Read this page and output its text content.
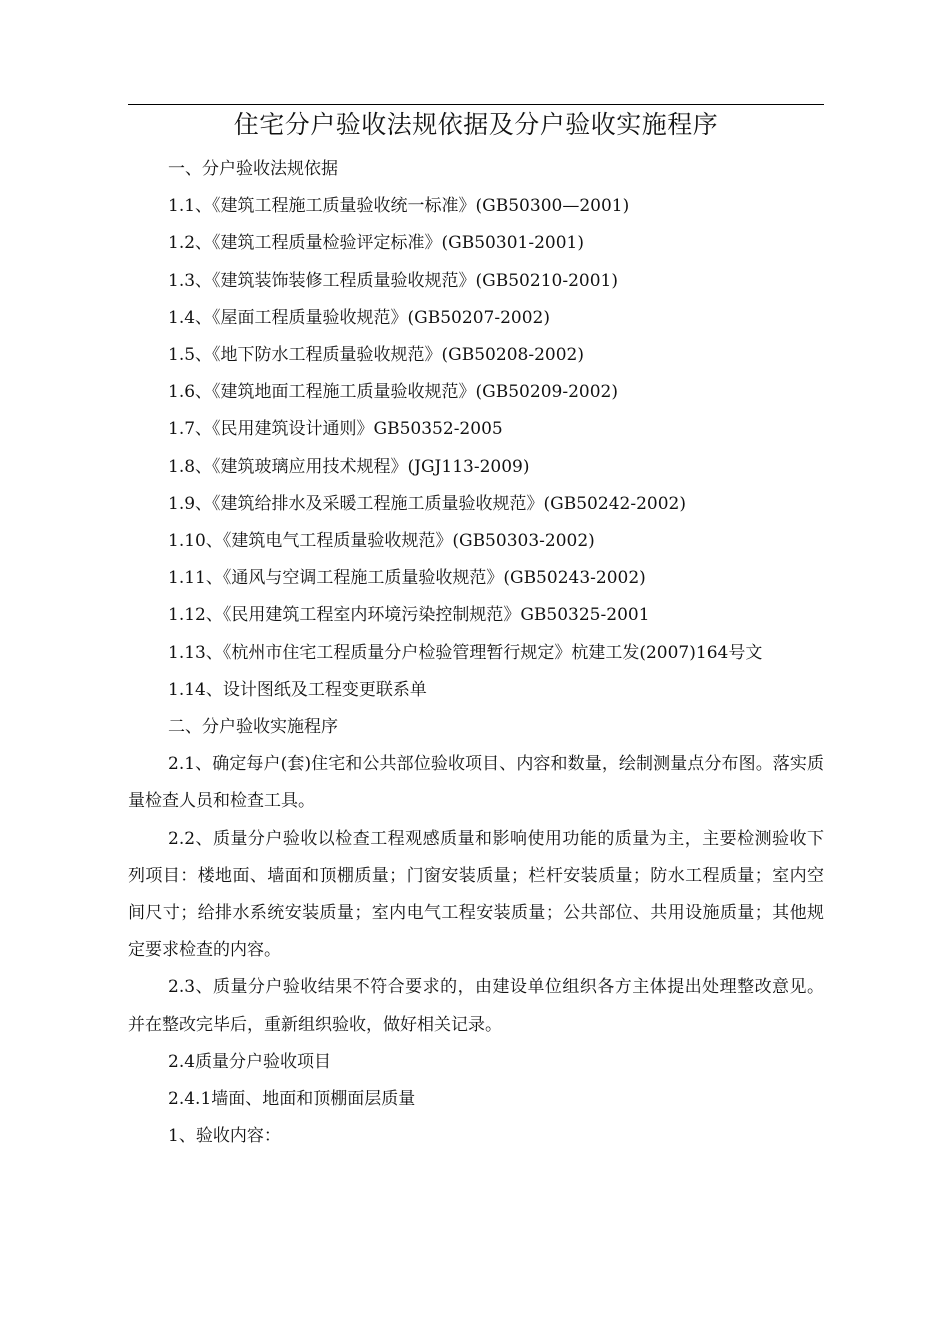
住宅分户验收法规依据及分户验收实施程序
一、分户验收法规依据
1.1、《建筑工程施工质量验收统一标准》(GB50300—2001)
1.2、《建筑工程质量检验评定标准》(GB50301-2001)
1.3、《建筑装饰装修工程质量验收规范》(GB50210-2001)
1.4、《屋面工程质量验收规范》(GB50207-2002)
1.5、《地下防水工程质量验收规范》(GB50208-2002)
1.6、《建筑地面工程施工质量验收规范》(GB50209-2002)
1.7、《民用建筑设计通则》GB50352-2005
1.8、《建筑玻璃应用技术规程》(JGJ113-2009)
1.9、《建筑给排水及采暖工程施工质量验收规范》(GB50242-2002)
1.10、《建筑电气工程质量验收规范》(GB50303-2002)
1.11、《通风与空调工程施工质量验收规范》(GB50243-2002)
1.12、《民用建筑工程室内环境污染控制规范》GB50325-2001
1.13、《杭州市住宅工程质量分户检验管理暂行规定》杭建工发(2007)164号文
1.14、设计图纸及工程变更联系单
二、分户验收实施程序
2.1、确定每户(套)住宅和公共部位验收项目、内容和数量，绘制测量点分布图。落实质量检查人员和检查工具。
2.2、质量分户验收以检查工程观感质量和影响使用功能的质量为主，主要检测验收下列项目：楼地面、墙面和顶棚质量；门窗安装质量；栏杆安装质量；防水工程质量；室内空间尺寸；给排水系统安装质量；室内电气工程安装质量；公共部位、共用设施质量；其他规定要求检查的内容。
2.3、质量分户验收结果不符合要求的，由建设单位组织各方主体提出处理整改意见。并在整改完毕后，重新组织验收，做好相关记录。
2.4质量分户验收项目
2.4.1墙面、地面和顶棚面层质量
1、验收内容：
